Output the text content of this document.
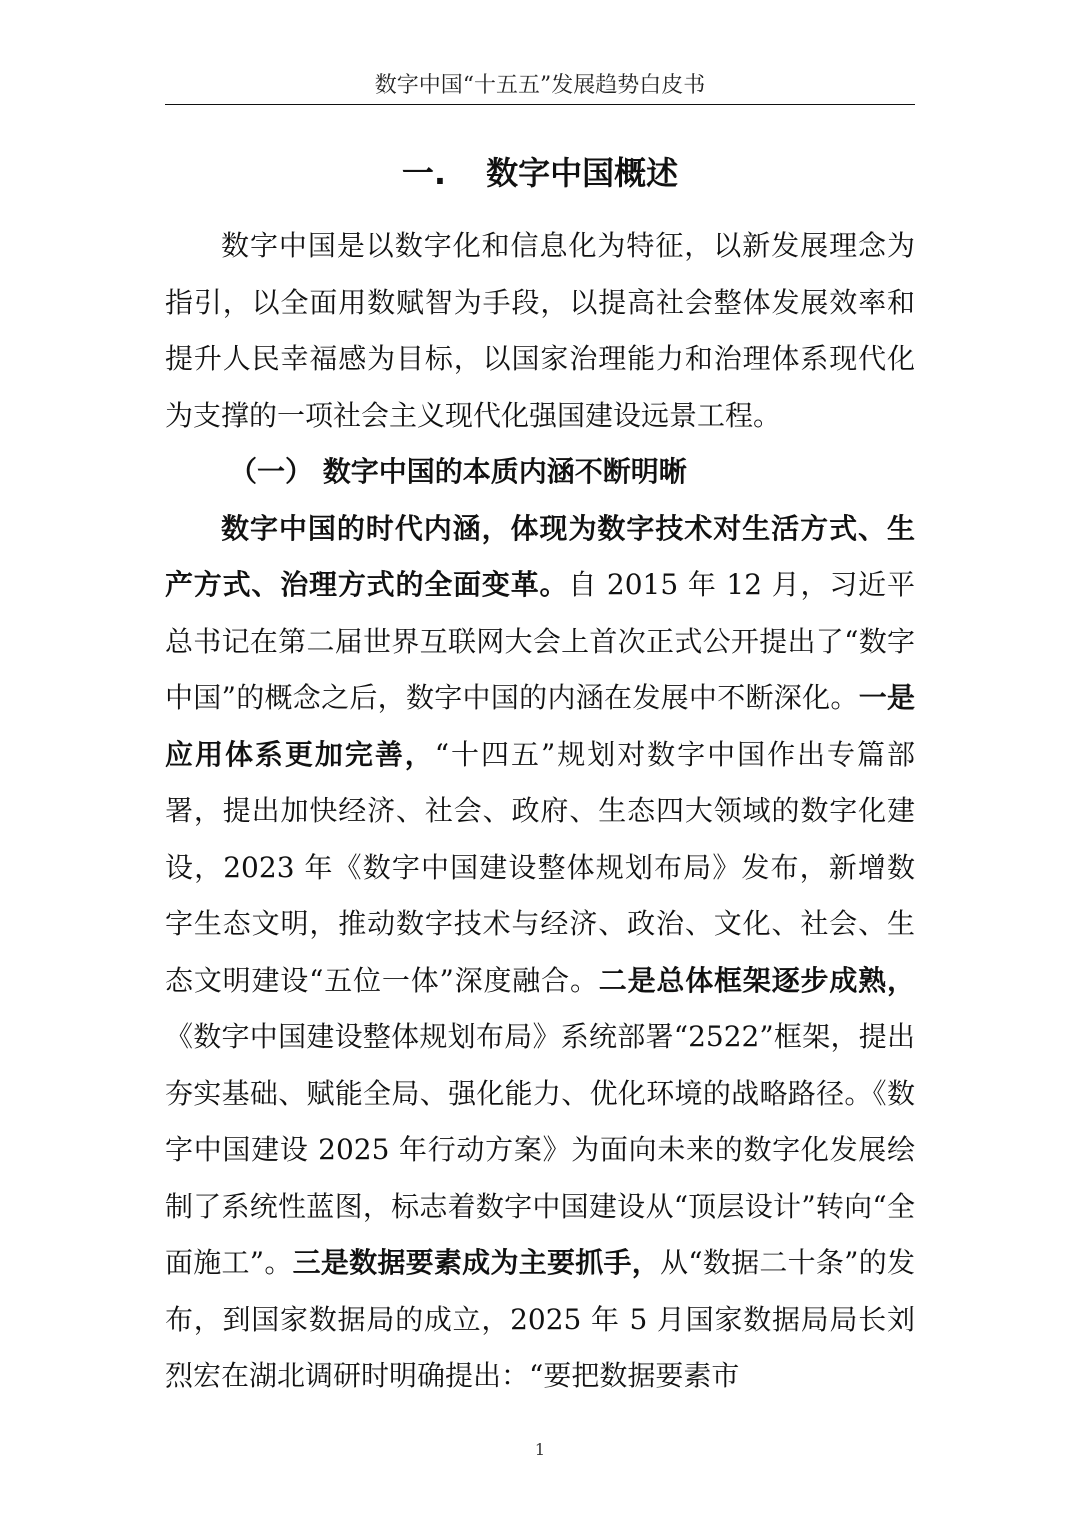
数字中国“十五五”发展趋势白皮书
一. 数字中国概述

数字中国是以数字化和信息化为特征，以新发展理念为指引，以全面用数赋智为手段，以提高社会整体发展效率和提升人民幸福感为目标，以国家治理能力和治理体系现代化为支撑的一项社会主义现代化强国建设远景工程。

（一） 数字中国的本质内涵不断明晰

数字中国的时代内涵，体现为数字技术对生活方式、生产方式、治理方式的全面变革。自 2015 年 12 月，习近平总书记在第二届世界互联网大会上首次正式公开提出了“数字中国”的概念之后，数字中国的内涵在发展中不断深化。一是应用体系更加完善，“十四五”规划对数字中国作出专篇部署，提出加快经济、社会、政府、生态四大领域的数字化建设，2023 年《数字中国建设整体规划布局》发布，新增数字生态文明，推动数字技术与经济、政治、文化、社会、生态文明建设“五位一体”深度融合。二是总体框架逐步成熟，《数字中国建设整体规划布局》系统部署“2522”框架，提出夯实基础、赋能全局、强化能力、优化环境的战略路径。《数字中国建设 2025 年行动方案》为面向未来的数字化发展绘制了系统性蓝图，标志着数字中国建设从“顶层设计”转向“全面施工”。三是数据要素成为主要抓手，从“数据二十条”的发布，到国家数据局的成立，2025 年 5 月国家数据局局长刘烈宏在湖北调研时明确提出：“要把数据要素市

1
